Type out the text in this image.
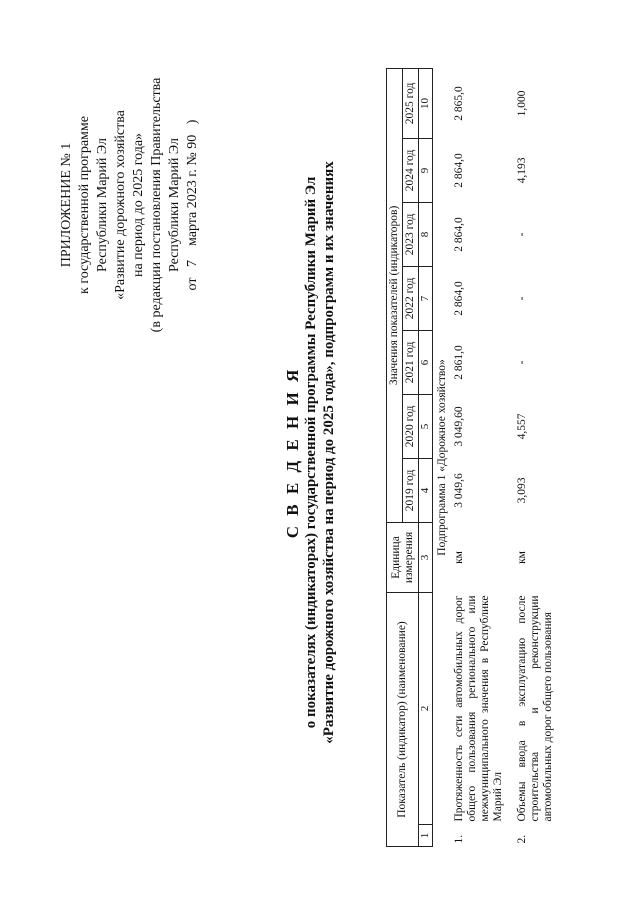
ПРИЛОЖЕНИЕ № 1 к государственной программе Республики Марий Эл «Развитие дорожного хозяйства на период до 2025 года» (в редакции постановления Правительства Республики Марий Эл от   7    марта 2023 г. № 90   )
С В Е Д Е Н И Я о показателях (индикаторах) государственной программы Республики Марий Эл «Развитие дорожного хозяйства на период до 2025 года», подпрограмм и их значениях	Показатель (индикатор) (наименование)		Единица измерения	Значения показателей (индикаторов)						
			2019 год	2020 год	2021 год	2022 год	2023 год	2024 год	2025 год
1	2	3	4	5	6	7	8	9	10
Подпрограмма 1 «Дорожное хозяйство»									
1.	Протяженность сети автомобильных дорог общего пользования регионального или межмуниципального значения в Республике Марий Эл	км	3 049,6	3 049,60	2 861,0	2 864,0	2 864,0	2 864,0	2 865,0
2.	Объемы ввода в эксплуатацию после строительства и реконструкции автомобильных дорог общего пользования	км	3,093	4,557	-	-	-	4,193	1,000
